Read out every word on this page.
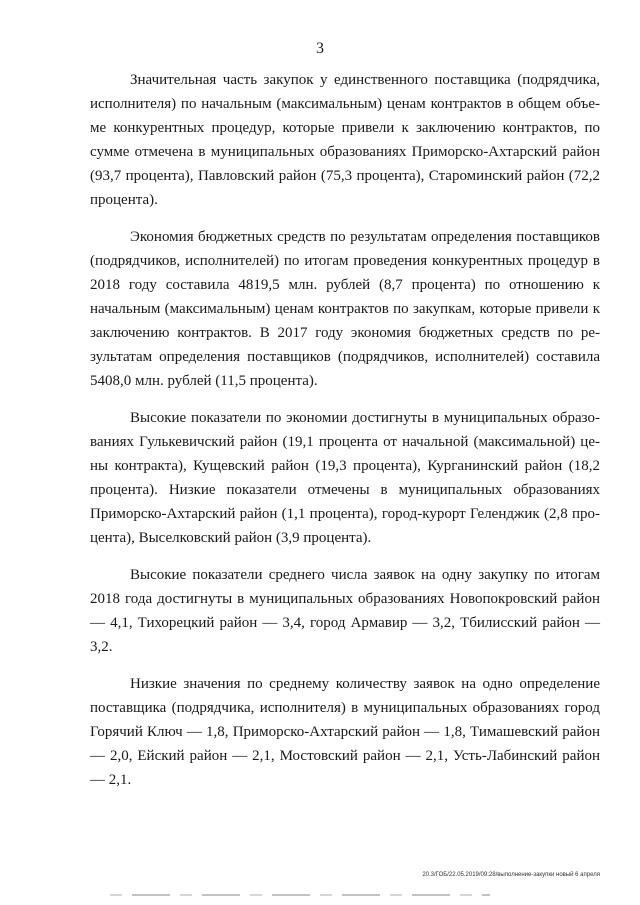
3

Значительная часть закупок у единственного поставщика (подрядчика, исполнителя) по начальным (максимальным) ценам контрактов в общем объеме конкурентных процедур, которые привели к заключению контрактов, по сумме отмечена в муниципальных образованиях Приморско-Ахтарский район (93,7 процента), Павловский район (75,3 процента), Староминский район (72,2 процента).

Экономия бюджетных средств по результатам определения поставщиков (подрядчиков, исполнителей) по итогам проведения конкурентных процедур в 2018 году составила 4819,5 млн. рублей (8,7 процента) по отношению к начальным (максимальным) ценам контрактов по закупкам, которые привели к заключению контрактов. В 2017 году экономия бюджетных средств по результатам определения поставщиков (подрядчиков, исполнителей) составила 5408,0 млн. рублей (11,5 процента).

Высокие показатели по экономии достигнуты в муниципальных образованиях Гулькевичский район (19,1 процента от начальной (максимальной) цены контракта), Кущевский район (19,3 процента), Курганинский район (18,2 процента). Низкие показатели отмечены в муниципальных образованиях Приморско-Ахтарский район (1,1 процента), город-курорт Геленджик (2,8 процента), Выселковский район (3,9 процента).

Высокие показатели среднего числа заявок на одну закупку по итогам 2018 года достигнуты в муниципальных образованиях Новопокровский район — 4,1, Тихорецкий район — 3,4, город Армавир — 3,2, Тбилисский район — 3,2.

Низкие значения по среднему количеству заявок на одно определение поставщика (подрядчика, исполнителя) в муниципальных образованиях город Горячий Ключ — 1,8, Приморско-Ахтарский район — 1,8, Тимашевский район — 2,0, Ейский район — 2,1, Мостовский район — 2,1, Усть-Лабинский район — 2,1.

20.3/ГОБ/22.05.2019/09:28/выполнение-закупки новый 6 апреля
